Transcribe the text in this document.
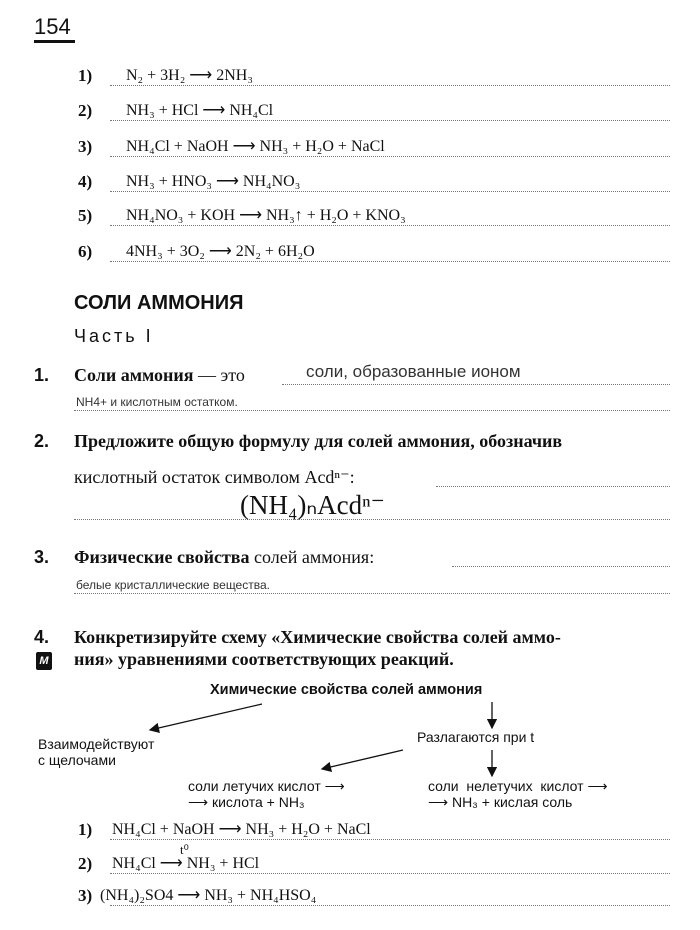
154
1) N₂ + 3H₂ ⟶ 2NH₃
2) NH₃ + HCl ⟶ NH₄Cl
3) NH₄Cl + NaOH ⟶ NH₃ + H₂O + NaCl
4) NH₃ + HNO₃ ⟶ NH₄NO₃
5) NH₄NO₃ + KOH ⟶ NH₃↑ + H₂O + KNO₃
6) 4NH₃ + 3O₂ ⟶ 2N₂ + 6H₂O
СОЛИ АММОНИЯ
Часть I
1. Соли аммония — это	соли, образованные ионом
NH4+ и кислотным остатком.
2. Предложите общую формулу для солей аммония, обозначив
кислотный остаток символом Acdⁿ⁻:
(NH₄)ₙAcdⁿ⁻
3. Физические свойства солей аммония:
белые кристаллические вещества.
4. Конкретизируйте схему «Химические свойства солей аммо-
ния» уравнениями соответствующих реакций.
М
Химические свойства солей аммония
Взаимодействуют
с щелочами
Разлагаются при t
соли летучих кислот ⟶
⟶ кислота + NH₃
соли  нелетучих  кислот ⟶
⟶ NH₃ + кислая соль
1) NH₄Cl + NaOH ⟶ NH₃ + H₂O + NaCl
2) NH₄Cl ⟶ NH₃ + HCl
t⁰
3) (NH₄)₂SO4 ⟶ NH₃ + NH₄HSO₄
